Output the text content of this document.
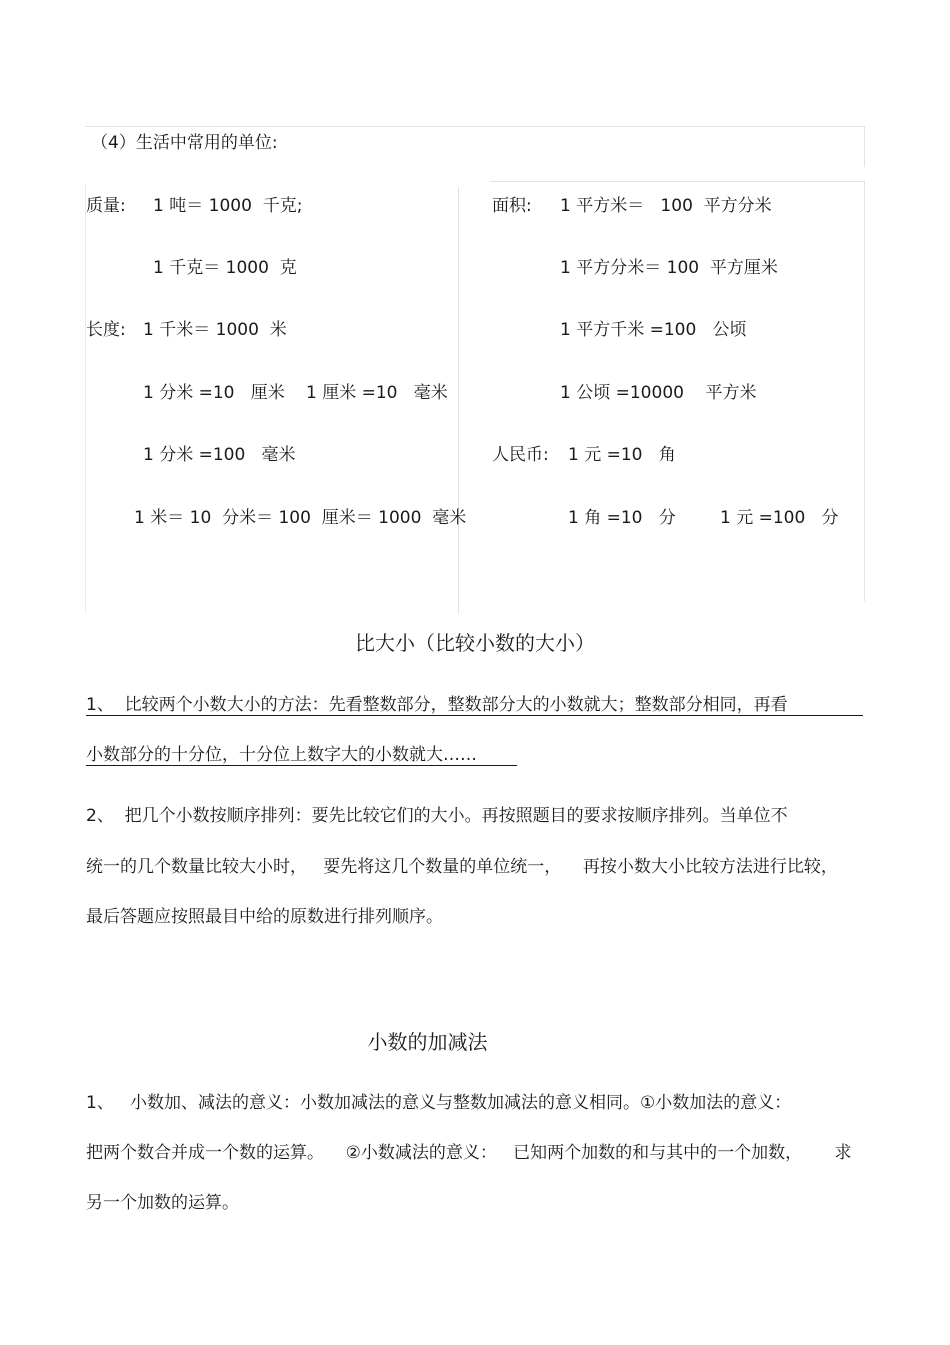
（4）生活中常用的单位:
质量: 1 吨＝ 1000  千克;
1 千克＝ 1000  克
长度: 1 千米＝ 1000  米
1 分米 =10   厘米 1 厘米 =10   毫米
1 分米 =100   毫米
1 米＝ 10  分米＝ 100  厘米＝ 1000  毫米
面积: 1 平方米＝   100  平方分米
1 平方分米＝ 100  平方厘米
1 平方千米 =100   公顷
1 公顷 =10000    平方米
人民币: 1 元 =10   角
1 角 =10   分	1 元 =100   分
比大小（比较小数的大小）
1、  比较两个小数大小的方法：先看整数部分，整数部分大的小数就大；整数部分相同，再看
小数部分的十分位，十分位上数字大的小数就大……
2、  把几个小数按顺序排列：要先比较它们的大小。再按照题目的要求按顺序排列。当单位不
统一的几个数量比较大小时，   要先将这几个数量的单位统一，    再按小数大小比较方法进行比较，
最后答题应按照最目中给的原数进行排列顺序。
小数的加减法
1、   小数加、减法的意义：小数加减法的意义与整数加减法的意义相同。①小数加法的意义：
把两个数合并成一个数的运算。    ②小数减法的意义：   已知两个加数的和与其中的一个加数，      求
另一个加数的运算。
